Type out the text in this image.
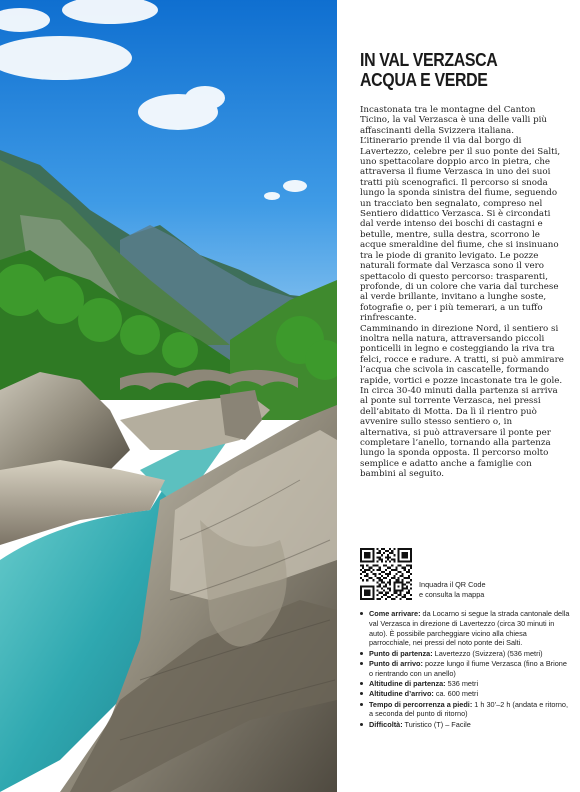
IN VAL VERZASCA
ACQUA E VERDE

Incastonata tra le montagne del Canton Ticino, la val Verzasca è una delle valli più affascinanti della Svizzera italiana. L’itinerario prende il via dal borgo di Lavertezzo, celebre per il suo ponte dei Salti, uno spettacolare doppio arco in pietra, che attraversa il fiume Verzasca in uno dei suoi tratti più scenografici. Il percorso si snoda lungo la sponda sinistra del fiume, seguendo un tracciato ben segnalato, compreso nel Sentiero didattico Verzasca. Si è circondati dal verde intenso dei boschi di castagni e betulle, mentre, sulla destra, scorrono le acque smeraldine del fiume, che si insinuano tra le piode di granito levigato. Le pozze naturali formate dal Verzasca sono il vero spettacolo di questo percorso: trasparenti, profonde, di un colore che varia dal turchese al verde brillante, invitano a lunghe soste, fotografie o, per i più temerari, a un tuffo rinfrescante.

Camminando in direzione Nord, il sentiero si inoltra nella natura, attraversando piccoli ponticelli in legno e costeggiando la riva tra felci, rocce e radure. A tratti, si può ammirare l’acqua che scivola in cascatelle, formando rapide, vortici e pozze incastonate tra le gole.

In circa 30-40 minuti dalla partenza si arriva al ponte sul torrente Verzasca, nei pressi dell’abitato di Motta. Da lì il rientro può avvenire sullo stesso sentiero o, in alternativa, si può attraversare il ponte per completare l’anello, tornando alla partenza lungo la sponda opposta. Il percorso molto semplice e adatto anche a famiglie con bambini al seguito.

Inquadra il QR Code
e consulta la mappa
Come arrivare: da Locarno si segue la strada cantonale della val Verzasca in direzione di Lavertezzo (circa 30 minuti in auto). È possibile parcheggiare vicino alla chiesa parrocchiale, nei pressi del noto ponte dei Salti.
Punto di partenza: Lavertezzo (Svizzera) (536 metri)
Punto di arrivo: pozze lungo il fiume Verzasca (fino a Brione o rientrando con un anello)
Altitudine di partenza: 536 metri
Altitudine d’arrivo: ca. 600 metri
Tempo di percorrenza a piedi: 1 h 30’–2 h (andata e ritorno, a seconda del punto di ritorno)
Difficoltà: Turistico (T) – Facile
